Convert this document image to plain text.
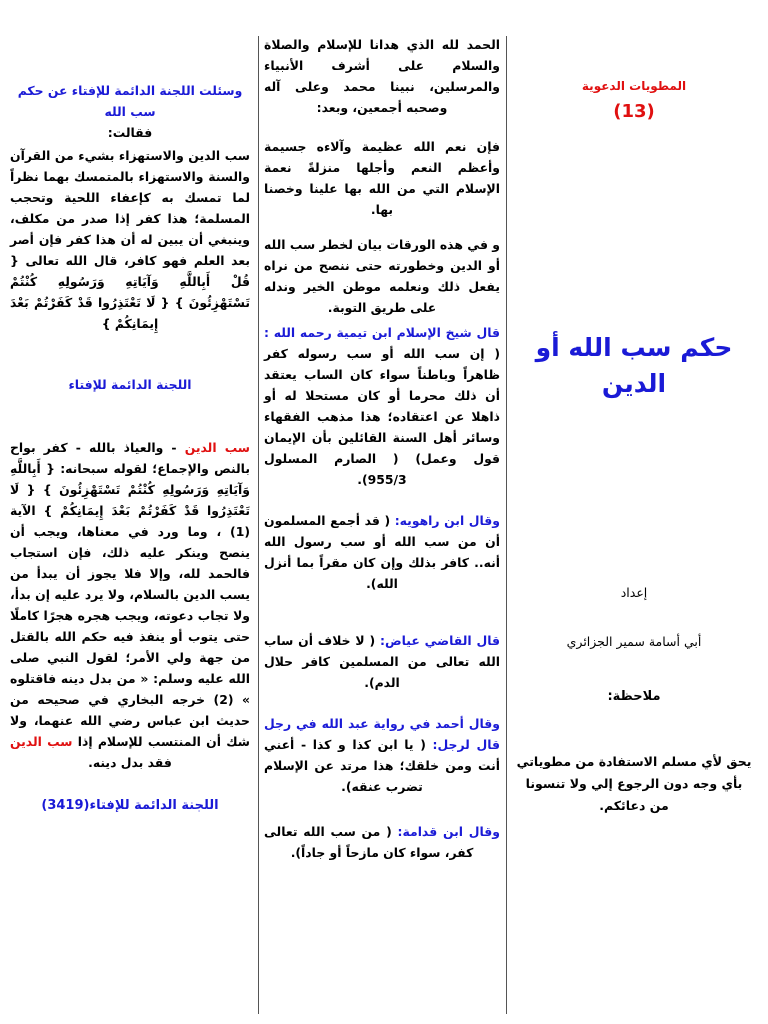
المطويات الدعوية

(13)

حكم سب الله أو الدين

إعداد

أبي أسامة سمير الجزائري

ملاحظة:

يحق لأي مسلم الاستفادة من مطوياتي بأي وجه دون الرجوع إلي ولا تنسونا من دعائكم.

الحمد لله الذي هدانا للإسلام والصلاة والسلام على أشرف الأنبياء والمرسلين، نبينا محمد وعلى آله وصحبه أجمعين، وبعد:

فإن نعم الله عظيمة وآلاءه جسيمة وأعظم النعم وأجلها منزلةً نعمة الإسلام التي من الله بها علينا وخصنا بها.

و في هذه الورقات بيان لخطر سب الله أو الدين وخطورته حتى ننصح من نراه يفعل ذلك ونعلمه موطن الخير وندله على طريق التوبة.

قال شيخ الإسلام ابن تيمية رحمه الله : ( إن سب الله أو سب رسوله كفر ظاهراً وباطناً سواء كان الساب يعتقد أن ذلك محرما أو كان مستحلا له أو ذاهلا عن اعتقاده؛ هذا مذهب الفقهاء وسائر أهل السنة القائلين بأن الإيمان قول وعمل) ( الصارم المسلول 955/3).

وقال ابن راهويه: ( قد أجمع المسلمون أن من سب الله أو سب رسول الله أنه.. كافر بذلك وإن كان مقراً بما أنزل الله).

قال القاضي عياض: ( لا خلاف أن ساب الله تعالى من المسلمين كافر حلال الدم).

وقال أحمد في رواية عبد الله في رجل قال لرجل: ( يا ابن كذا و كذا - أعني أنت ومن خلقك؛ هذا مرتد عن الإسلام تضرب عنقه).

وقال ابن قدامة: ( من سب الله تعالى كفر، سواء كان مازحاً أو جاداً).

وسئلت اللجنة الدائمة للإفتاء عن حكم سب الله

فقالت:

سب الدين والاستهزاء بشيء من القرآن والسنة والاستهزاء بالمتمسك بهما نظراً لما تمسك به كإعفاء اللحية وتحجب المسلمة؛ هذا كفر إذا صدر من مكلف، وينبغي أن يبين له أن هذا كفر فإن أصر بعد العلم فهو كافر، قال الله تعالى { قُلْ أَبِاللَّهِ وَآيَاتِهِ وَرَسُولِهِ كُنْتُمْ تَسْتَهْزِئُونَ } { لَا تَعْتَذِرُوا قَدْ كَفَرْتُمْ بَعْدَ إِيمَانِكُمْ }

اللجنة الدائمة للإفتاء

سب الدين - والعياذ بالله - كفر بواح بالنص والإجماع؛ لقوله سبحانه: { أَبِاللَّهِ وَآيَاتِهِ وَرَسُولِهِ كُنْتُمْ تَسْتَهْزِئُونَ } { لَا تَعْتَذِرُوا قَدْ كَفَرْتُمْ بَعْدَ إِيمَانِكُمْ } الآية (1) ، وما ورد في معناها، ويجب أن ينصح وينكر عليه ذلك، فإن استجاب فالحمد لله، وإلا فلا يجوز أن يبدأ من يسب الدين بالسلام، ولا يرد عليه إن بدأ، ولا تجاب دعوته، ويجب هجره هجرًا كاملًا حتى يتوب أو ينفذ فيه حكم الله بالقتل من جهة ولي الأمر؛ لقول النبي صلى الله عليه وسلم: « من بدل دينه فاقتلوه » (2) خرجه البخاري في صحيحه من حديث ابن عباس رضي الله عنهما، ولا شك أن المنتسب للإسلام إذا سب الدين فقد بدل دينه.

اللجنة الدائمة للإفتاء(3419)
